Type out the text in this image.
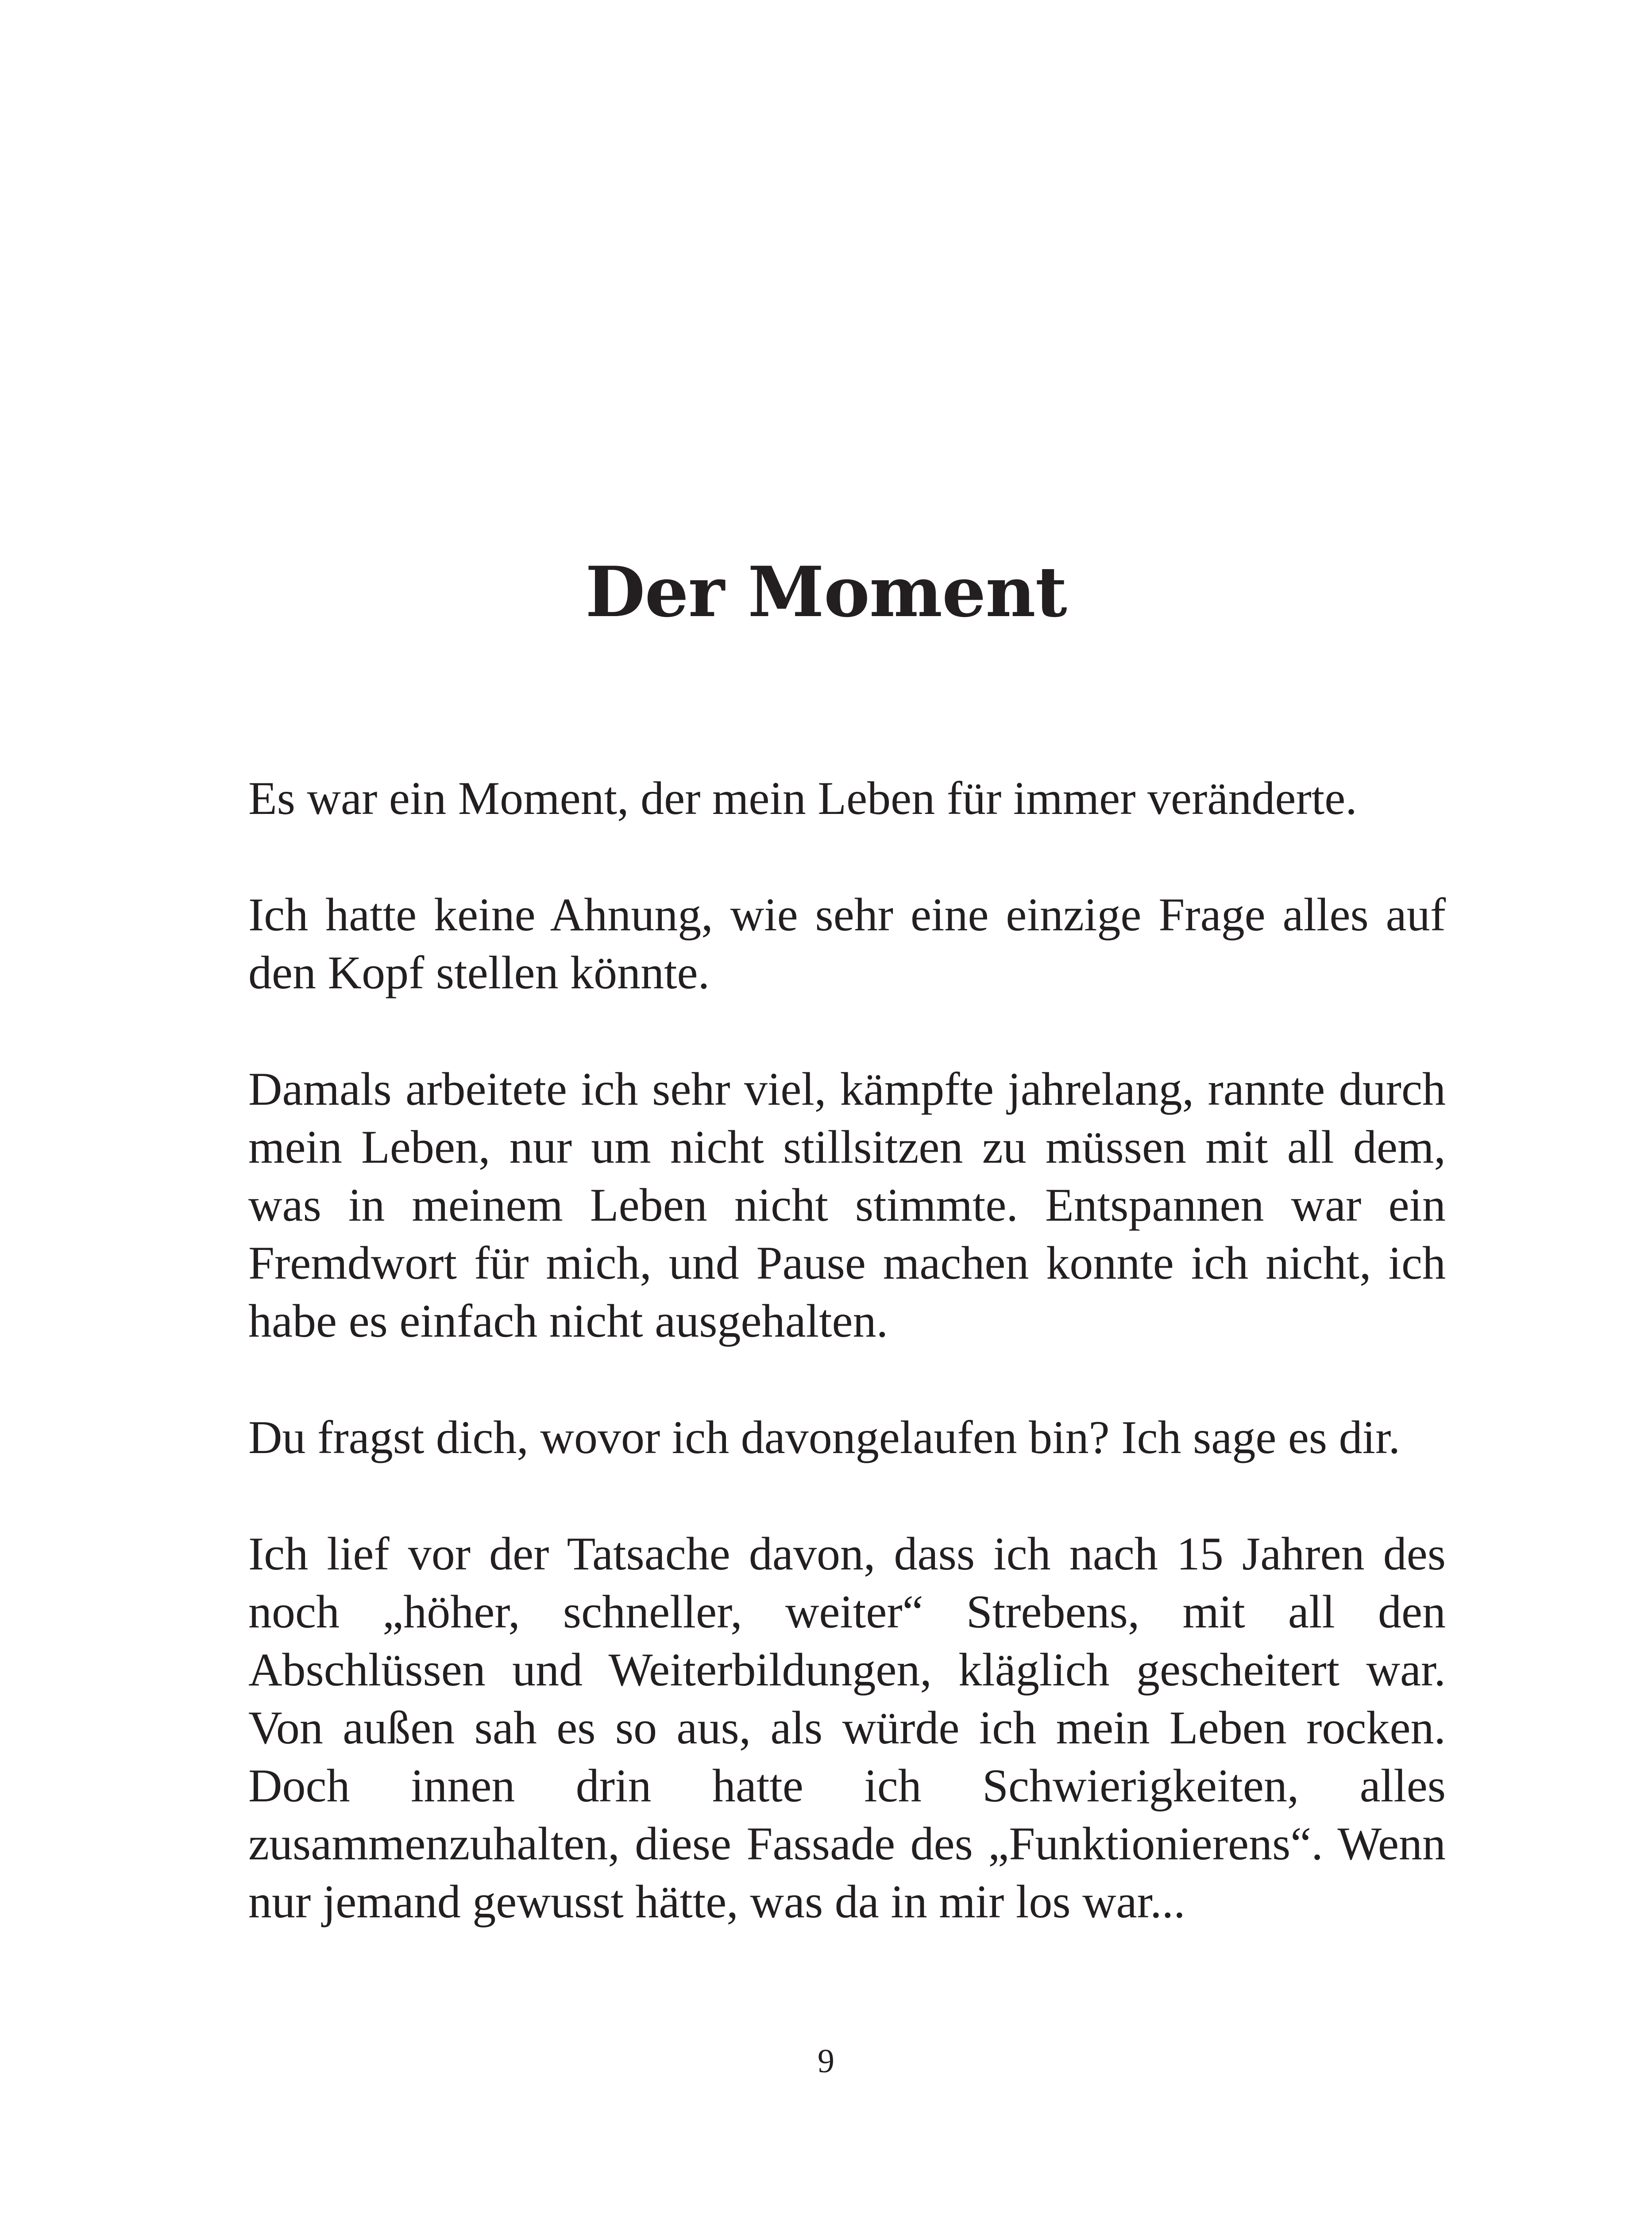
Der Moment

Es war ein Moment, der mein Leben für immer veränderte.

Ich hatte keine Ahnung, wie sehr eine einzige Frage alles auf den Kopf stellen könnte.

Damals arbeitete ich sehr viel, kämpfte jahrelang, rannte durch mein Leben, nur um nicht stillsitzen zu müssen mit all dem, was in meinem Leben nicht stimmte. Entspannen war ein Fremdwort für mich, und Pause machen konnte ich nicht, ich habe es einfach nicht ausgehalten.

Du fragst dich, wovor ich davongelaufen bin? Ich sage es dir.

Ich lief vor der Tatsache davon, dass ich nach 15 Jahren des noch „höher, schneller, weiter“ Strebens, mit all den Abschlüssen und Weiterbildungen, kläglich gescheitert war. Von außen sah es so aus, als würde ich mein Leben rocken. Doch innen drin hatte ich Schwierigkeiten, alles zusammenzuhalten, diese Fassade des „Funktionierens“. Wenn nur jemand gewusst hätte, was da in mir los war...

9
